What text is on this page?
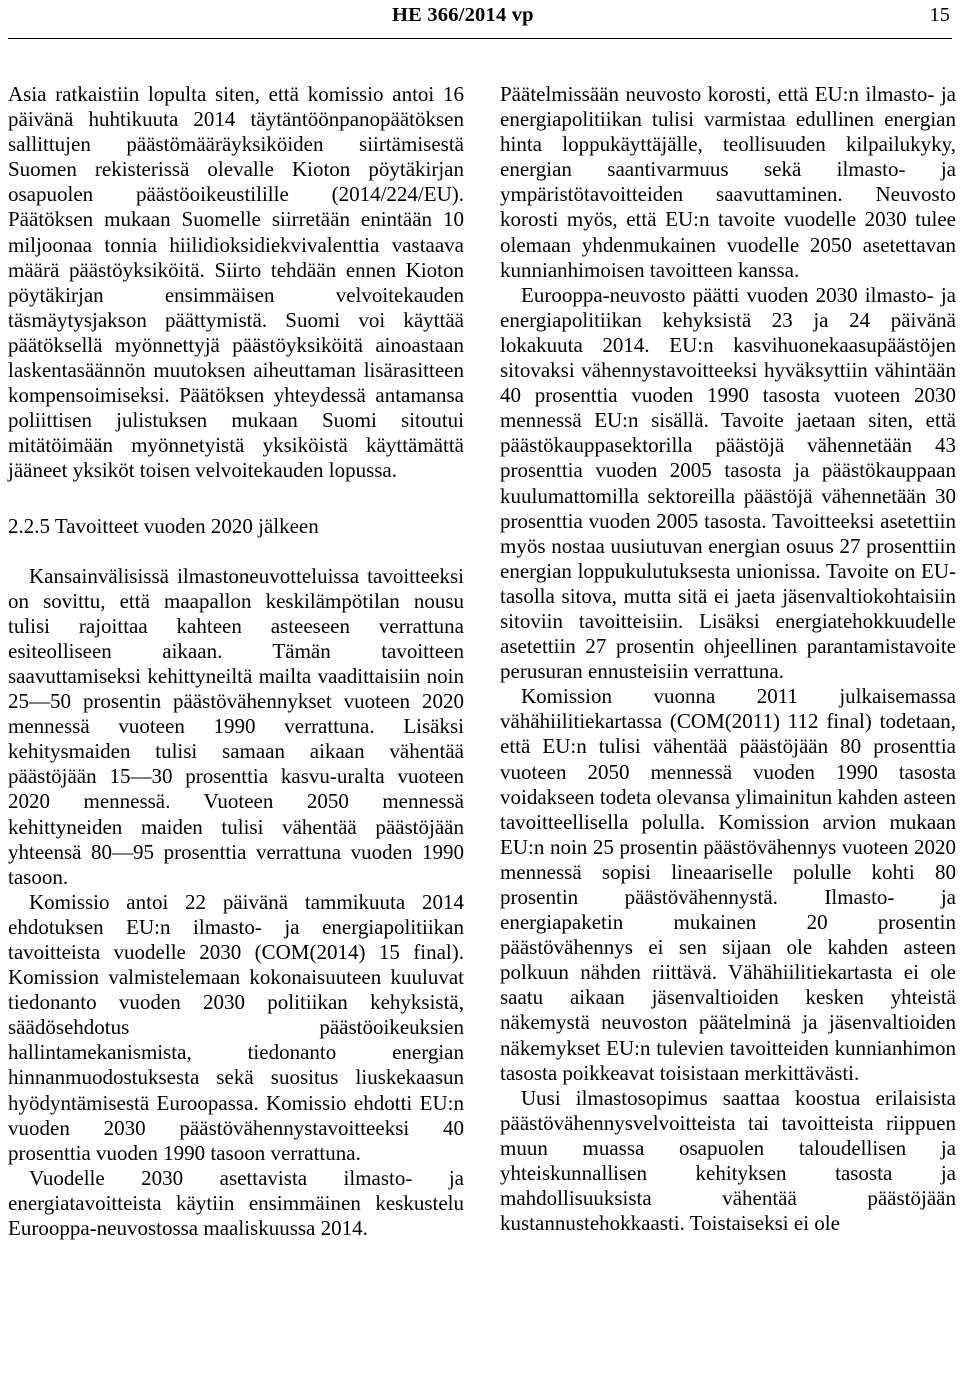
HE 366/2014 vp	15

Asia ratkaistiin lopulta siten, että komissio antoi 16 päivänä huhtikuuta 2014 täytäntöönpanopäätöksen sallittujen päästömääräyksiköiden siirtämisestä Suomen rekisterissä olevalle Kioton pöytäkirjan osapuolen päästöoikeustilille (2014/224/EU). Päätöksen mukaan Suomelle siirretään enintään 10 miljoonaa tonnia hiilidioksidiekvivalenttia vastaava määrä päästöyksiköitä. Siirto tehdään ennen Kioton pöytäkirjan ensimmäisen velvoitekauden täsmäytysjakson päättymistä. Suomi voi käyttää päätöksellä myönnettyjä päästöyksiköitä ainoastaan laskentasäännön muutoksen aiheuttaman lisärasitteen kompensoimiseksi. Päätöksen yhteydessä antamansa poliittisen julistuksen mukaan Suomi sitoutui mitätöimään myönnetyistä yksiköistä käyttämättä jääneet yksiköt toisen velvoitekauden lopussa.

2.2.5 Tavoitteet vuoden 2020 jälkeen

Kansainvälisissä ilmastoneuvotteluissa tavoitteeksi on sovittu, että maapallon keskilämpötilan nousu tulisi rajoittaa kahteen asteeseen verrattuna esiteolliseen aikaan. Tämän tavoitteen saavuttamiseksi kehittyneiltä mailta vaadittaisiin noin 25—50 prosentin päästövähennykset vuoteen 2020 mennessä vuoteen 1990 verrattuna. Lisäksi kehitysmaiden tulisi samaan aikaan vähentää päästöjään 15—30 prosenttia kasvu-uralta vuoteen 2020 mennessä. Vuoteen 2050 mennessä kehittyneiden maiden tulisi vähentää päästöjään yhteensä 80—95 prosenttia verrattuna vuoden 1990 tasoon.

Komissio antoi 22 päivänä tammikuuta 2014 ehdotuksen EU:n ilmasto- ja energiapolitiikan tavoitteista vuodelle 2030 (COM(2014) 15 final). Komission valmistelemaan kokonaisuuteen kuuluvat tiedonanto vuoden 2030 politiikan kehyksistä, säädösehdotus päästöoikeuksien hallintamekanismista, tiedonanto energian hinnanmuodostuksesta sekä suositus liuskekaasun hyödyntämisestä Euroopassa. Komissio ehdotti EU:n vuoden 2030 päästövähennystavoitteeksi 40 prosenttia vuoden 1990 tasoon verrattuna.

Vuodelle 2030 asettavista ilmasto- ja energiatavoitteista käytiin ensimmäinen keskustelu Eurooppa-neuvostossa maaliskuussa 2014.

Päätelmissään neuvosto korosti, että EU:n ilmasto- ja energiapolitiikan tulisi varmistaa edullinen energian hinta loppukäyttäjälle, teollisuuden kilpailukyky, energian saantivarmuus sekä ilmasto- ja ympäristötavoitteiden saavuttaminen. Neuvosto korosti myös, että EU:n tavoite vuodelle 2030 tulee olemaan yhdenmukainen vuodelle 2050 asetettavan kunnianhimoisen tavoitteen kanssa.

Eurooppa-neuvosto päätti vuoden 2030 ilmasto- ja energiapolitiikan kehyksistä 23 ja 24 päivänä lokakuuta 2014. EU:n kasvihuonekaasupäästöjen sitovaksi vähennystavoitteeksi hyväksyttiin vähintään 40 prosenttia vuoden 1990 tasosta vuoteen 2030 mennessä EU:n sisällä. Tavoite jaetaan siten, että päästökauppasektorilla päästöjä vähennetään 43 prosenttia vuoden 2005 tasosta ja päästökauppaan kuulumattomilla sektoreilla päästöjä vähennetään 30 prosenttia vuoden 2005 tasosta. Tavoitteeksi asetettiin myös nostaa uusiutuvan energian osuus 27 prosenttiin energian loppukulutuksesta unionissa. Tavoite on EU-tasolla sitova, mutta sitä ei jaeta jäsenvaltiokohtaisiin sitoviin tavoitteisiin. Lisäksi energiatehokkuudelle asetettiin 27 prosentin ohjeellinen parantamistavoite perusuran ennusteisiin verrattuna.

Komission vuonna 2011 julkaisemassa vähähiilitiekartassa (COM(2011) 112 final) todetaan, että EU:n tulisi vähentää päästöjään 80 prosenttia vuoteen 2050 mennessä vuoden 1990 tasosta voidakseen todeta olevansa ylimainitun kahden asteen tavoitteellisella polulla. Komission arvion mukaan EU:n noin 25 prosentin päästövähennys vuoteen 2020 mennessä sopisi lineaariselle polulle kohti 80 prosentin päästövähennystä. Ilmasto- ja energiapaketin mukainen 20 prosentin päästövähennys ei sen sijaan ole kahden asteen polkuun nähden riittävä. Vähähiilitiekartasta ei ole saatu aikaan jäsenvaltioiden kesken yhteistä näkemystä neuvoston päätelminä ja jäsenvaltioiden näkemykset EU:n tulevien tavoitteiden kunnianhimon tasosta poikkeavat toisistaan merkittävästi.

Uusi ilmastosopimus saattaa koostua erilaisista päästövähennysvelvoitteista tai tavoitteista riippuen muun muassa osapuolen taloudellisen ja yhteiskunnallisen kehityksen tasosta ja mahdollisuuksista vähentää päästöjään kustannustehokkaasti. Toistaiseksi ei ole
